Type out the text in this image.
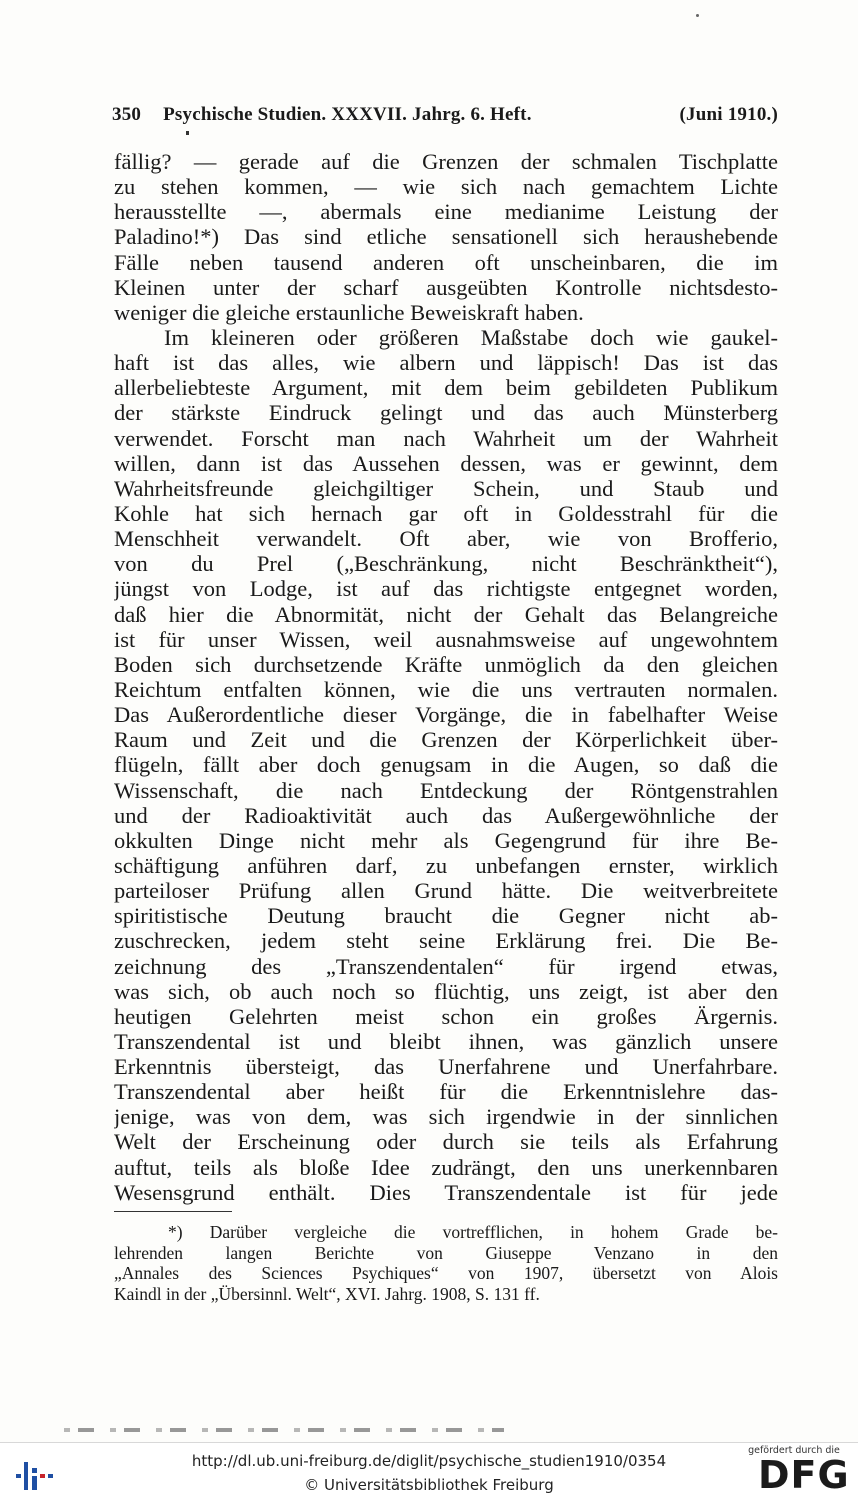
350 Psychische Studien. XXXVII. Jahrg. 6. Heft.	(Juni 1910.)
fällig? — gerade auf die Grenzen der schmalen Tischplatte
zu stehen kommen, — wie sich nach gemachtem Lichte
herausstellte —, abermals eine medianime Leistung der
Paladino!*) Das sind etliche sensationell sich heraushebende
Fälle neben tausend anderen oft unscheinbaren, die im
Kleinen unter der scharf ausgeübten Kontrolle nichtsdesto-
weniger die gleiche erstaunliche Beweiskraft haben.
Im kleineren oder größeren Maßstabe doch wie gaukel-
haft ist das alles, wie albern und läppisch! Das ist das
allerbeliebteste Argument, mit dem beim gebildeten Publikum
der stärkste Eindruck gelingt und das auch Münsterberg
verwendet. Forscht man nach Wahrheit um der Wahrheit
willen, dann ist das Aussehen dessen, was er gewinnt, dem
Wahrheitsfreunde gleichgiltiger Schein, und Staub und
Kohle hat sich hernach gar oft in Goldesstrahl für die
Menschheit verwandelt. Oft aber, wie von Brofferio,
von du Prel („Beschränkung, nicht Beschränktheit“),
jüngst von Lodge, ist auf das richtigste entgegnet worden,
daß hier die Abnormität, nicht der Gehalt das Belangreiche
ist für unser Wissen, weil ausnahmsweise auf ungewohntem
Boden sich durchsetzende Kräfte unmöglich da den gleichen
Reichtum entfalten können, wie die uns vertrauten normalen.
Das Außerordentliche dieser Vorgänge, die in fabelhafter Weise
Raum und Zeit und die Grenzen der Körperlichkeit über-
flügeln, fällt aber doch genugsam in die Augen, so daß die
Wissenschaft, die nach Entdeckung der Röntgenstrahlen
und der Radioaktivität auch das Außergewöhnliche der
okkulten Dinge nicht mehr als Gegengrund für ihre Be-
schäftigung anführen darf, zu unbefangen ernster, wirklich
parteiloser Prüfung allen Grund hätte. Die weitverbreitete
spiritistische Deutung braucht die Gegner nicht ab-
zuschrecken, jedem steht seine Erklärung frei. Die Be-
zeichnung des „Transzendentalen“ für irgend etwas,
was sich, ob auch noch so flüchtig, uns zeigt, ist aber den
heutigen Gelehrten meist schon ein großes Ärgernis.
Transzendental ist und bleibt ihnen, was gänzlich unsere
Erkenntnis übersteigt, das Unerfahrene und Unerfahrbare.
Transzendental aber heißt für die Erkenntnislehre das-
jenige, was von dem, was sich irgendwie in der sinnlichen
Welt der Erscheinung oder durch sie teils als Erfahrung
auftut, teils als bloße Idee zudrängt, den uns unerkennbaren
Wesensgrund enthält. Dies Transzendentale ist für jede
*) Darüber vergleiche die vortrefflichen, in hohem Grade be-
lehrenden langen Berichte von Giuseppe Venzano in den
„Annales des Sciences Psychiques“ von 1907, übersetzt von Alois
Kaindl in der „Übersinnl. Welt“, XVI. Jahrg. 1908, S. 131 ff.
http://dl.ub.uni-freiburg.de/diglit/psychische_studien1910/0354
© Universitätsbibliothek Freiburg
gefördert durch die
DFG
